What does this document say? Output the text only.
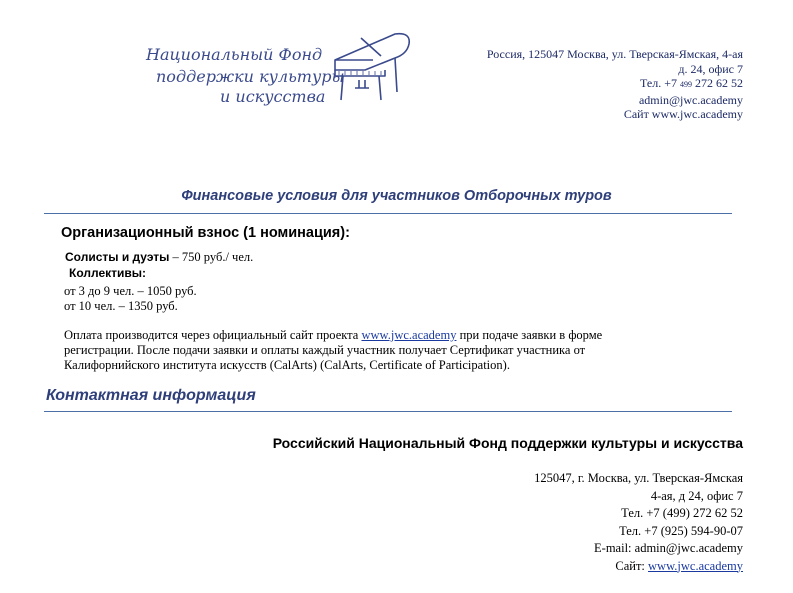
Национальный Фонд
поддержки культуры
и искусства
Россия, 125047 Москва, ул. Тверская-Ямская, 4-ая
д. 24, офис 7
Тел. +7 499 272 62 52
admin@jwc.academy
Сайт www.jwc.academy
Финансовые условия для участников Отборочных туров
Организационный взнос (1 номинация):
Солисты и дуэты – 750 руб./ чел.
Коллективы:
от 3 до 9 чел. – 1050 руб.
от 10 чел. – 1350 руб.
Оплата производится через официальный сайт проекта www.jwc.academy при подаче заявки в форме
регистрации. После подачи заявки и оплаты каждый участник получает Сертификат участника от
Калифорнийского института искусств (CalArts) (CalArts, Certificate of Participation).
Контактная информация
Российский Национальный Фонд поддержки культуры и искусства
125047, г. Москва, ул. Тверская-Ямская
4-ая, д 24, офис 7
Тел. +7 (499) 272 62 52
Тел. +7 (925) 594-90-07
E-mail: admin@jwc.academy
Сайт: www.jwc.academy
